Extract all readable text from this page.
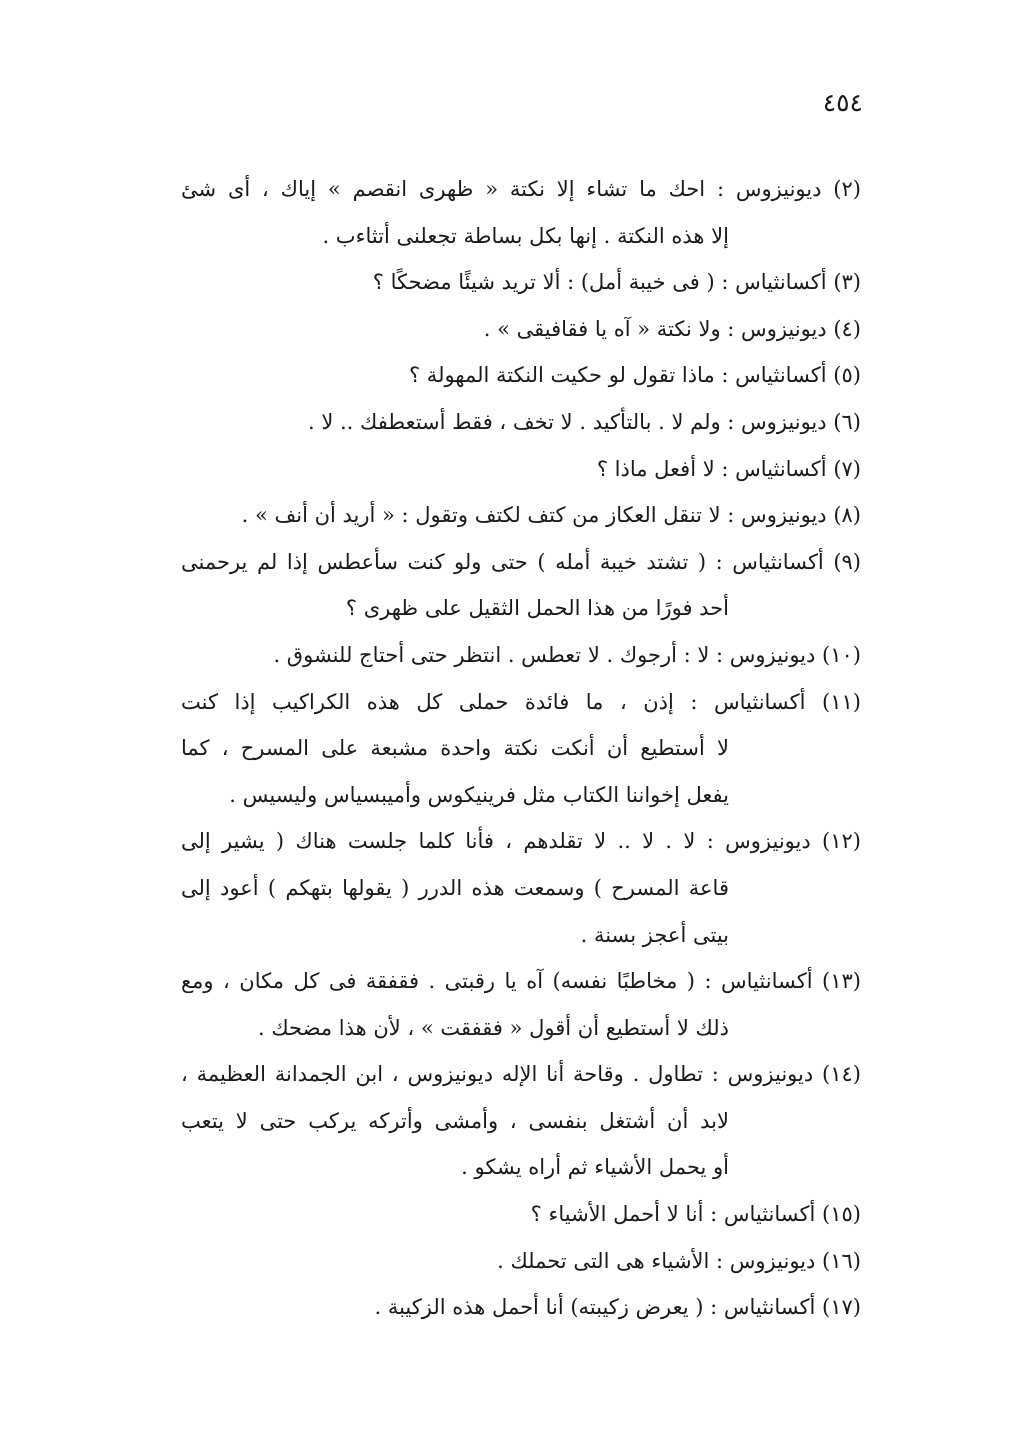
٤٥٤
(٢) ديونيزوس : احك ما تشاء إلا نكتة « ظهرى انقصم » إياك ، أى شئ
إلا هذه النكتة . إنها بكل بساطة تجعلنى أتثاءب .
(٣) أكسانثياس : ( فى خيبة أمل) : ألا تريد شيئًا مضحكًا ؟
(٤) ديونيزوس : ولا نكتة « آه يا فقافيقى » .
(٥) أكسانثياس : ماذا تقول لو حكيت النكتة المهولة ؟
(٦) ديونيزوس : ولم لا . بالتأكيد . لا تخف ، فقط أستعطفك .. لا .
(٧) أكسانثياس : لا أفعل ماذا ؟
(٨) ديونيزوس : لا تنقل العكاز من كتف لكتف وتقول : « أريد أن أنف » .
(٩) أكسانثياس : ( تشتد خيبة أمله ) حتى ولو كنت سأعطس إذا لم يرحمنى
أحد فورًا من هذا الحمل الثقيل على ظهرى ؟
(١٠) ديونيزوس : لا : أرجوك . لا تعطس . انتظر حتى أحتاج للنشوق .
(١١) أكسانثياس : إذن ، ما فائدة حملى كل هذه الكراكيب إذا كنت
لا أستطيع أن أنكت نكتة واحدة مشبعة على المسرح ، كما
يفعل إخواننا الكتاب مثل فرينيكوس وأميبسياس وليسيس .
(١٢) ديونيزوس : لا . لا .. لا تقلدهم ، فأنا كلما جلست هناك ( يشير إلى
قاعة المسرح ) وسمعت هذه الدرر ( يقولها بتهكم ) أعود إلى
بيتى أعجز بسنة .
(١٣) أكسانثياس : ( مخاطبًا نفسه) آه يا رقبتى . فقفقة فى كل مكان ، ومع
ذلك لا أستطيع أن أقول « فقفقت » ، لأن هذا مضحك .
(١٤) ديونيزوس : تطاول . وقاحة أنا الإله ديونيزوس ، ابن الجمدانة العظيمة ،
لابد أن أشتغل بنفسى ، وأمشى وأتركه يركب حتى لا يتعب
أو يحمل الأشياء ثم أراه يشكو .
(١٥) أكسانثياس : أنا لا أحمل الأشياء ؟
(١٦) ديونيزوس : الأشياء هى التى تحملك .
(١٧) أكسانثياس : ( يعرض زكيبته) أنا أحمل هذه الزكيبة .
